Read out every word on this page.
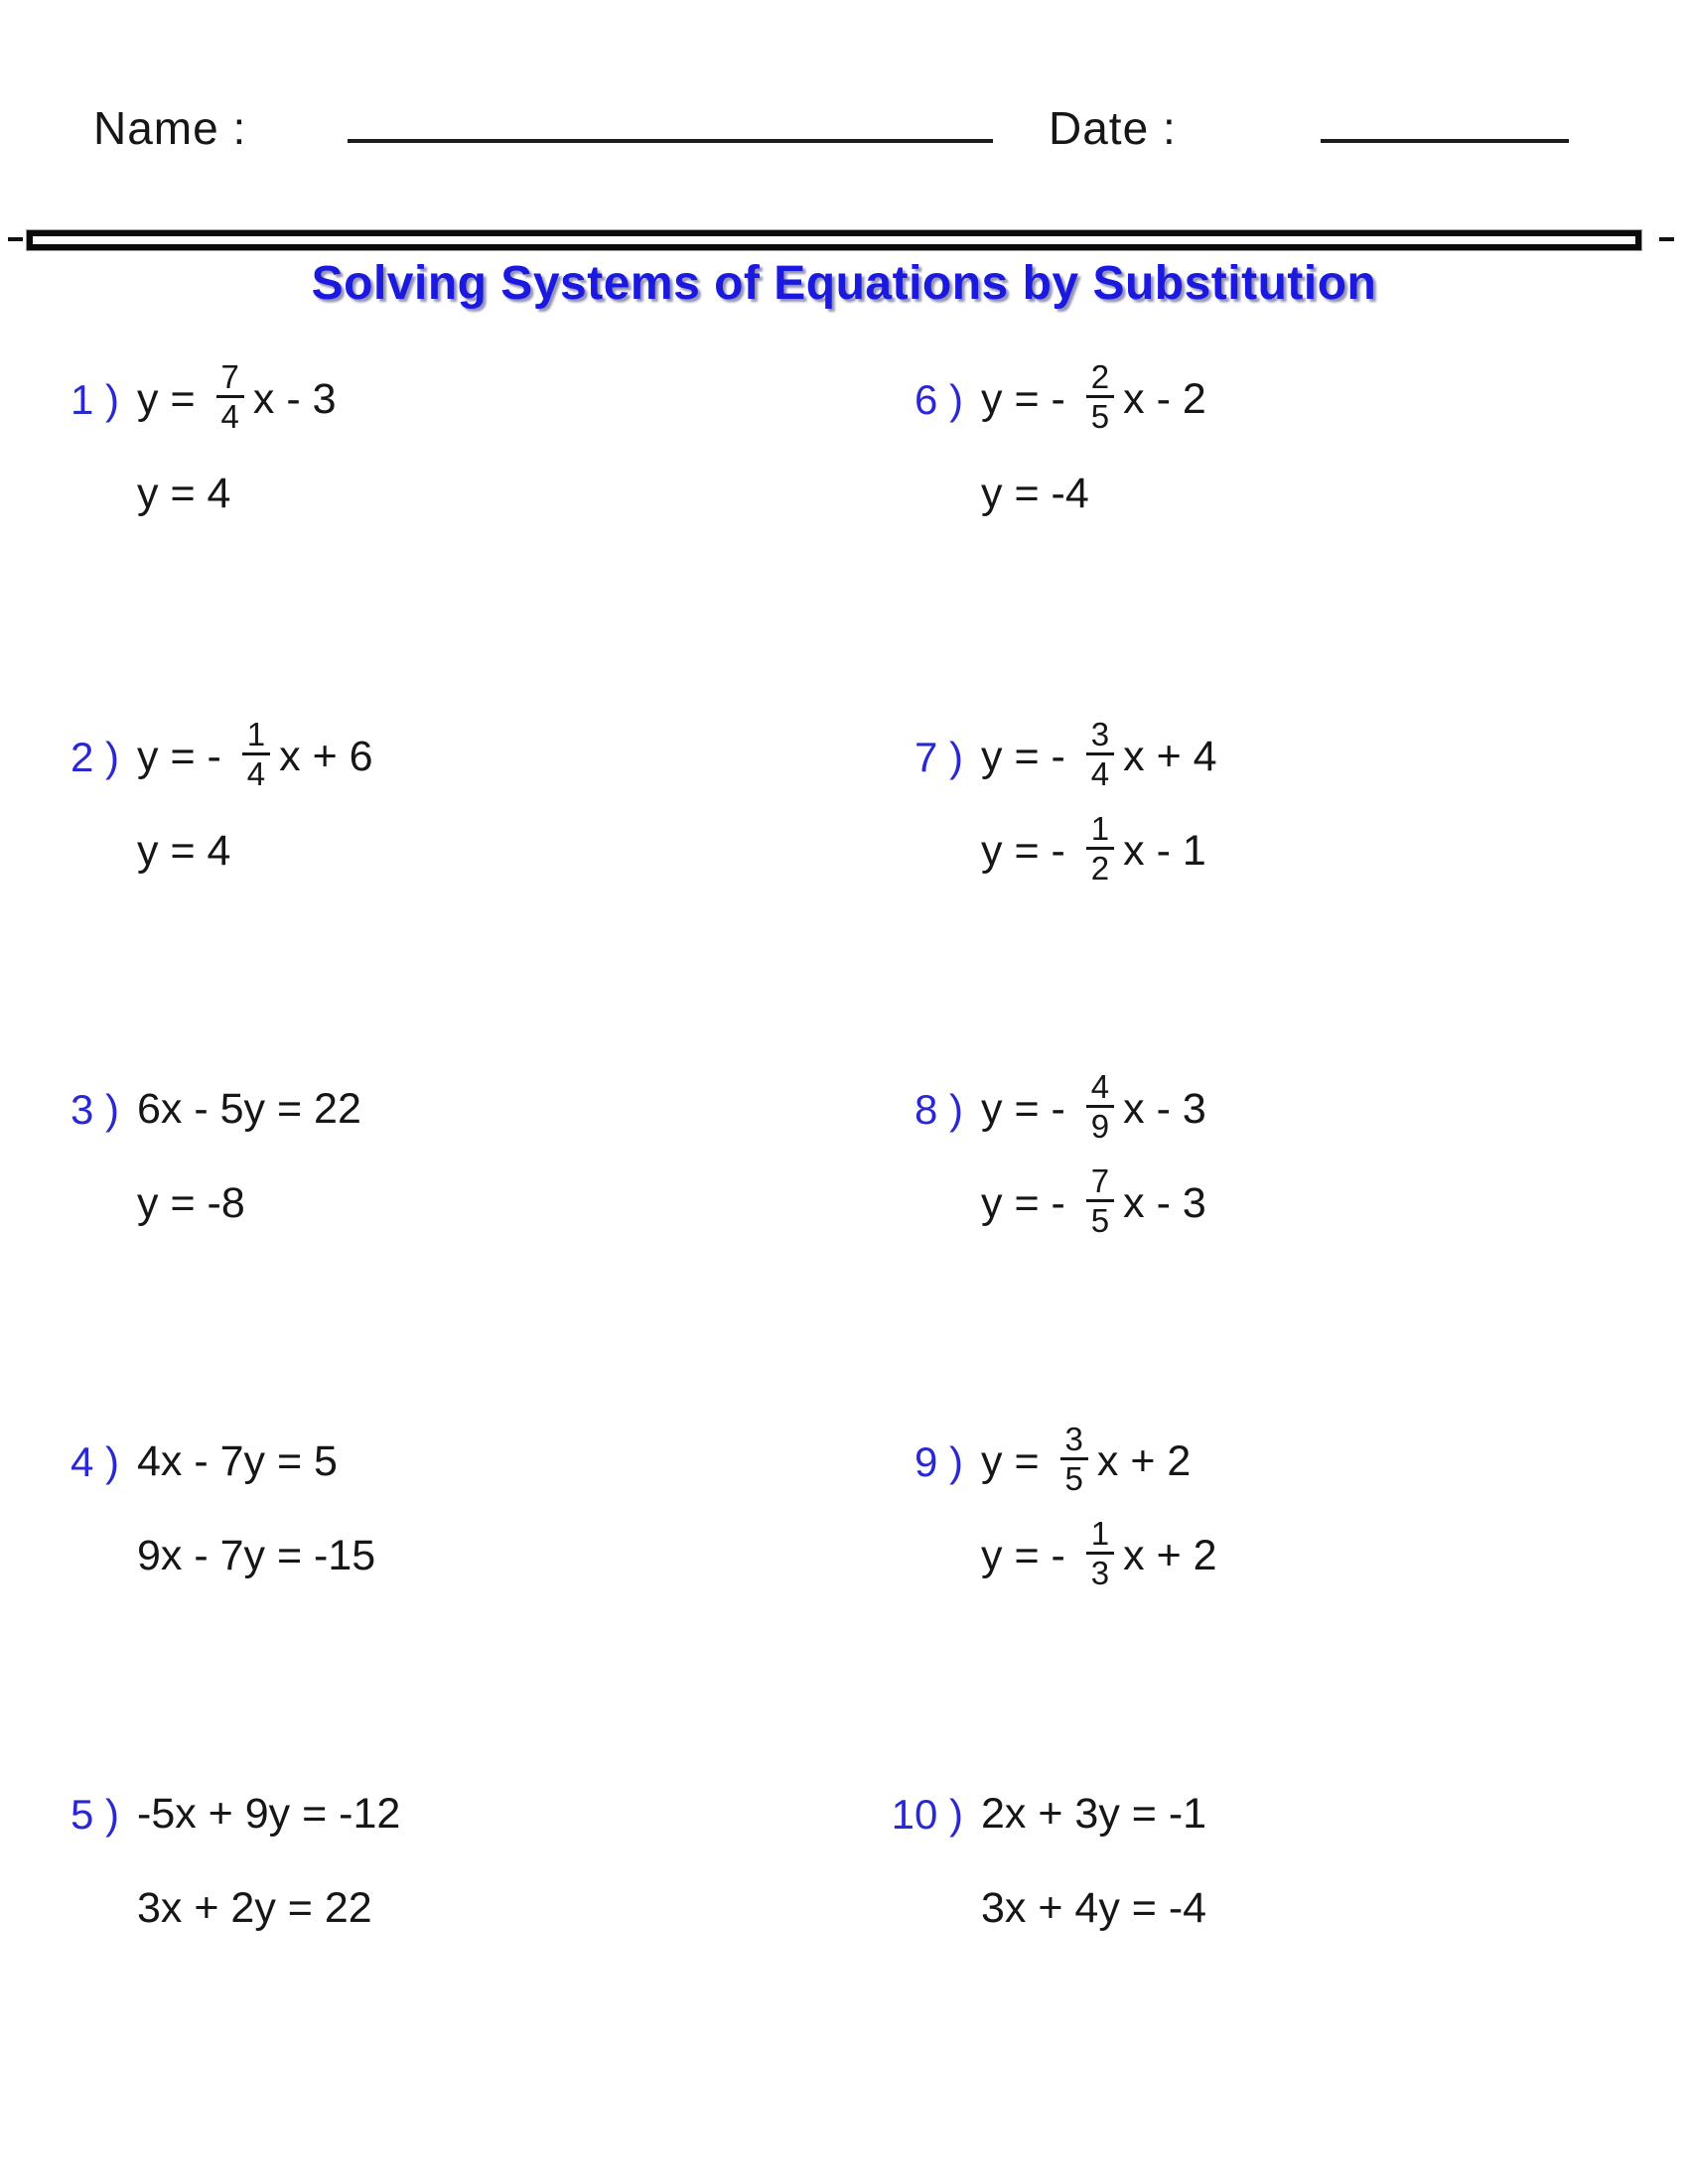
Name :	Date :
Solving Systems of Equations by Substitution
1 ) $y = \frac{7}{4}$ x - 3
y = 4
2 ) y = - $\frac{1}{4}$ x + 6
y = 4
3 ) 6x - 5y = 22
y = -8
4 ) 4x - 7y = 5
9x - 7y = -15
5 ) -5x + 9y = -12
3x + 2y = 22
6 ) y = - $\frac{2}{5}$ x - 2
y = -4
7 ) y = - $\frac{3}{4}$ x + 4
y = - $\frac{1}{2}$ x - 1
8 ) y = - $\frac{4}{9}$ x - 3
y = - $\frac{7}{5}$ x - 3
9 ) $y = \frac{3}{5}$ x + 2
y = - $\frac{1}{3}$ x + 2
10 ) 2x + 3y = -1
3x + 4y = -4
